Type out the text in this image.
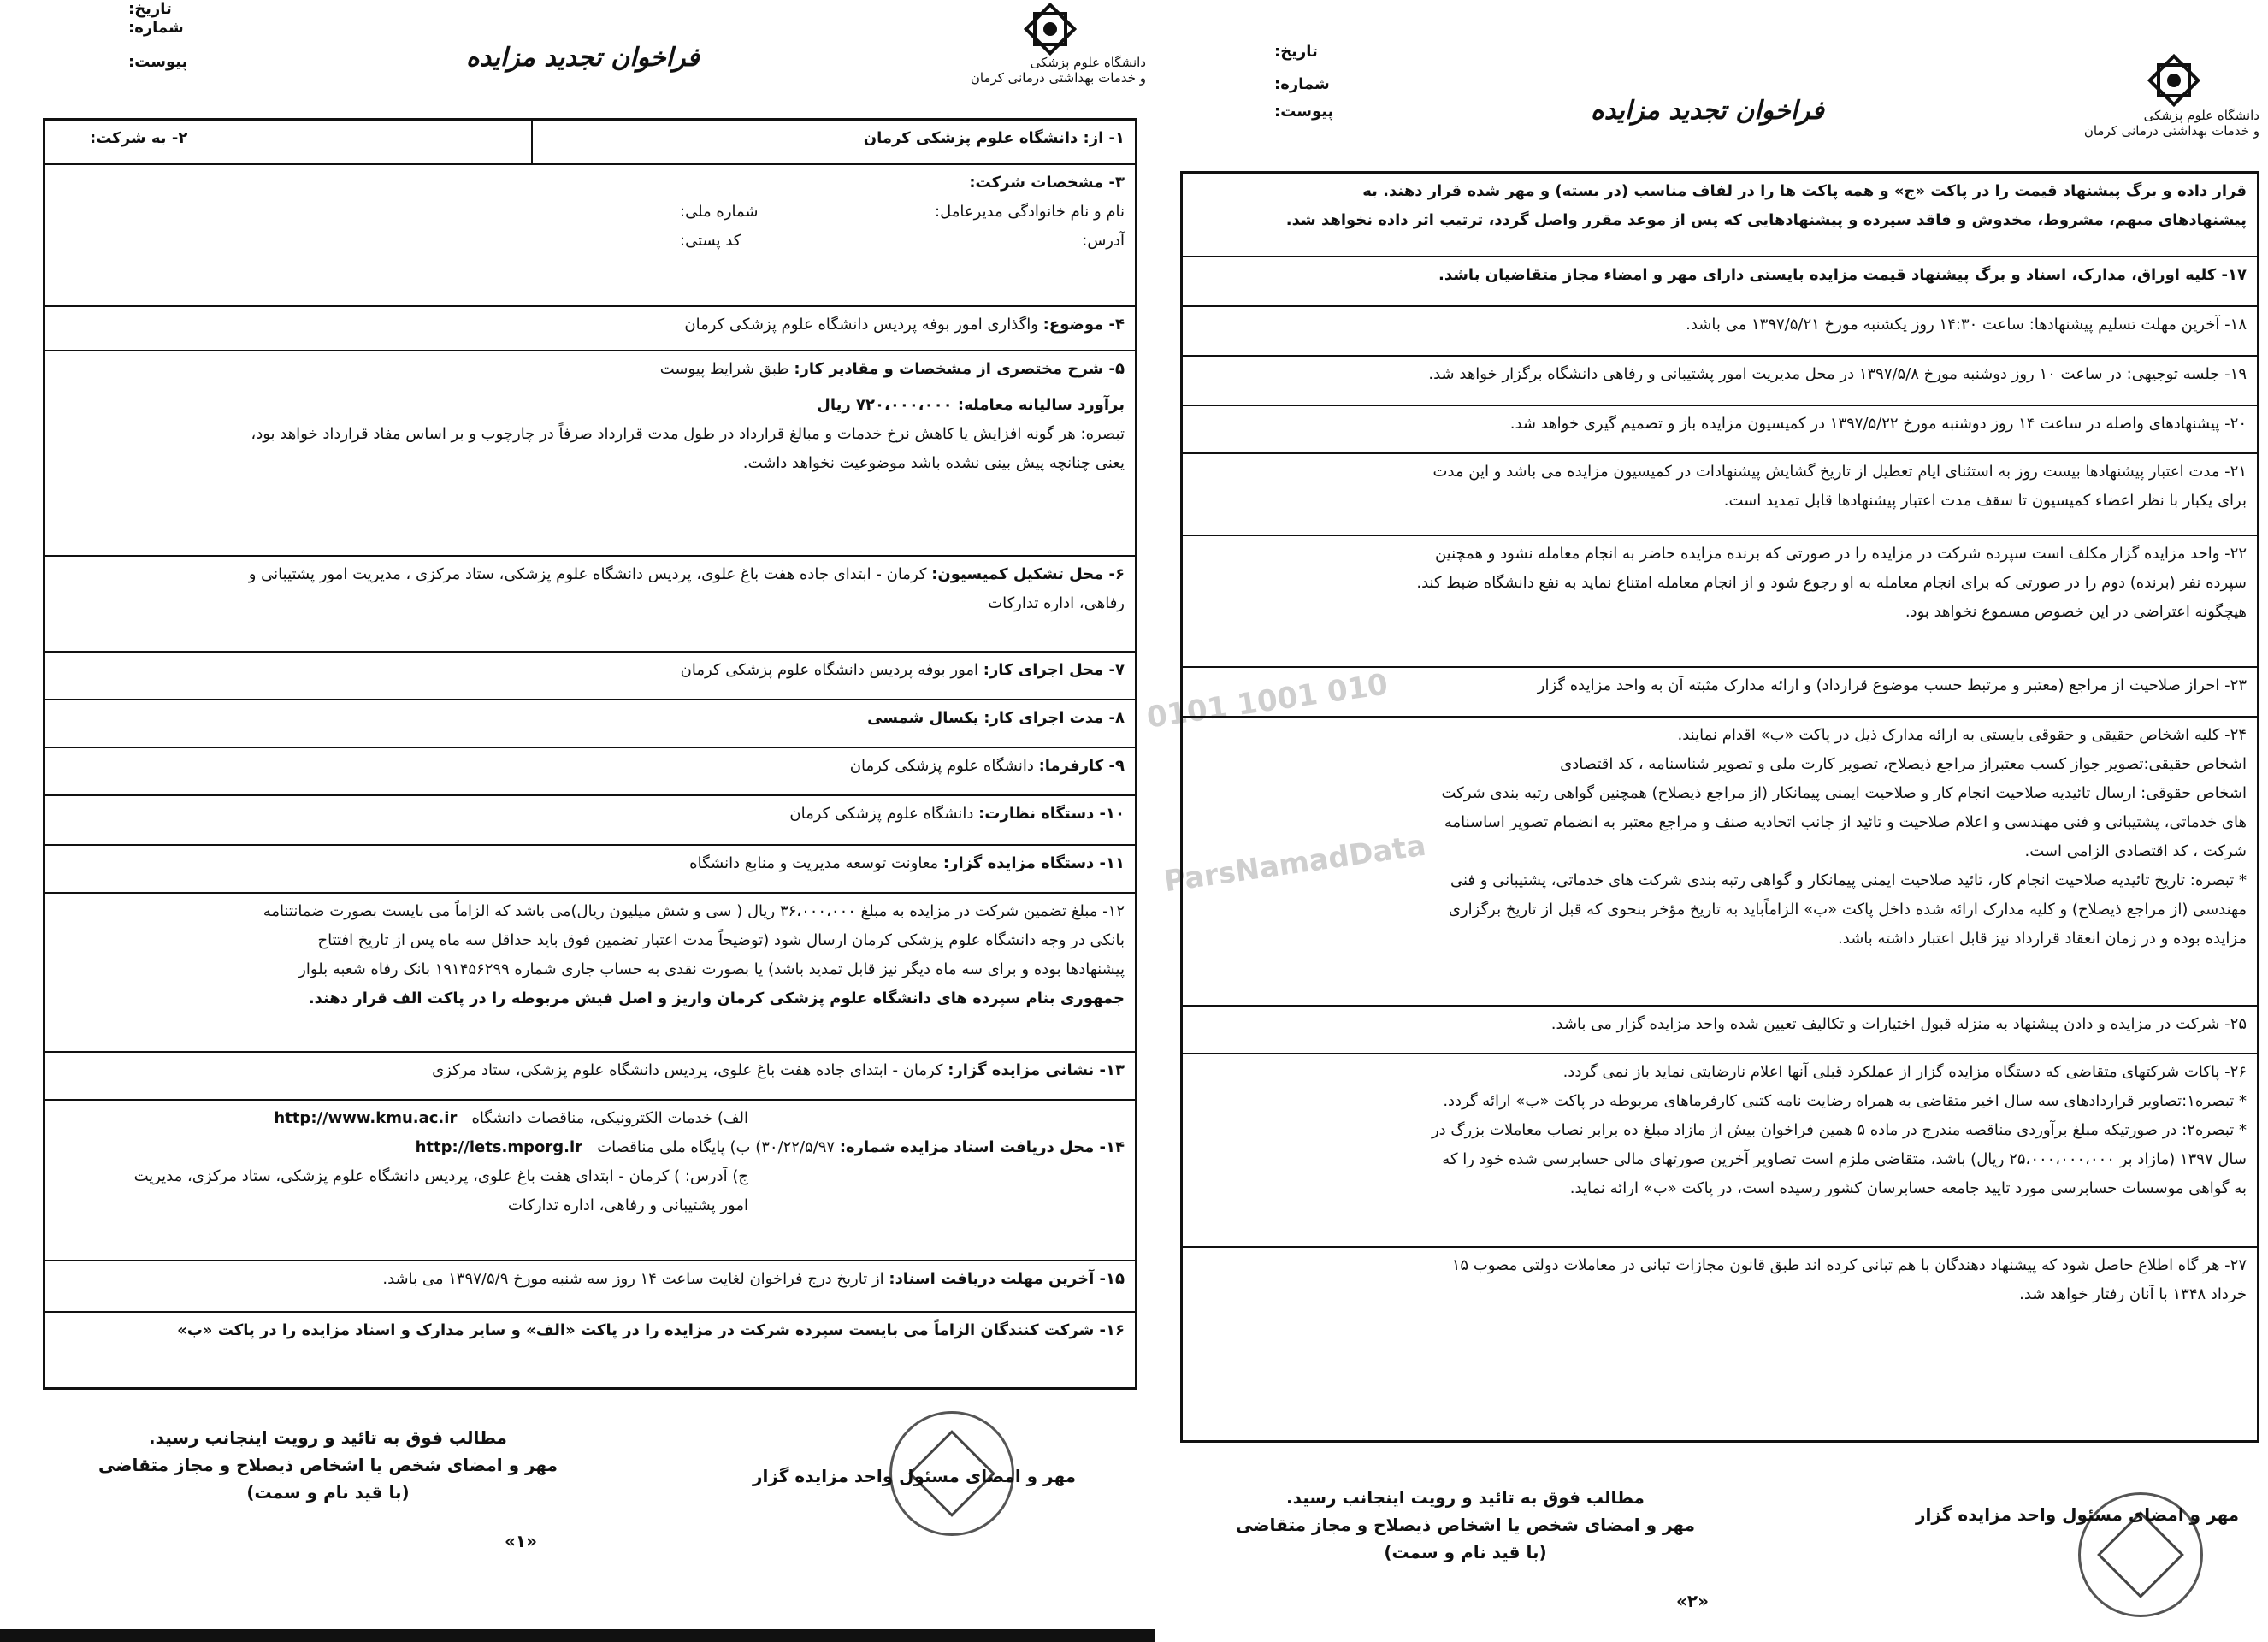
دانشگاه علوم پزشکی
و خدمات بهداشتی درمانی کرمان
فراخوان تجدید مزایده
تاریخ:
شماره:
پیوست:
۱- از: دانشگاه علوم پزشکی کرمان
۲- به شرکت:
۳- مشخصات شرکت:
نام و نام خانوادگی مدیرعامل:
شماره ملی:
آدرس:
کد پستی:
۴- موضوع: واگذاری امور بوفه پردیس دانشگاه علوم پزشکی کرمان
۵- شرح مختصری از مشخصات و مقادیر کار: طبق شرایط پیوست
برآورد سالیانه معامله: ۷۲۰،۰۰۰،۰۰۰ ریال
تبصره: هر گونه افزایش یا کاهش نرخ خدمات و مبالغ قرارداد در طول مدت قرارداد صرفاً در چارچوب و بر اساس مفاد قرارداد خواهد بود،
یعنی چنانچه پیش بینی نشده باشد موضوعیت نخواهد داشت.
۶- محل تشکیل کمیسیون: کرمان - ابتدای جاده هفت باغ علوی، پردیس دانشگاه علوم پزشکی، ستاد مرکزی ، مدیریت امور پشتیبانی و
رفاهی، اداره تدارکات
۷- محل اجرای کار: امور بوفه پردیس دانشگاه علوم پزشکی کرمان
۸- مدت اجرای کار: یکسال شمسی
۹- کارفرما: دانشگاه علوم پزشکی کرمان
۱۰- دستگاه نظارت: دانشگاه علوم پزشکی کرمان
۱۱- دستگاه مزایده گزار: معاونت توسعه مدیریت و منابع دانشگاه
۱۲- مبلغ تضمین شرکت در مزایده به مبلغ ۳۶،۰۰۰،۰۰۰ ریال ( سی و شش میلیون ریال)می باشد که الزاماً می بایست بصورت ضمانتنامه
بانکی در وجه دانشگاه علوم پزشکی کرمان ارسال شود (توضیحاً مدت اعتبار تضمین فوق باید حداقل سه ماه پس از تاریخ افتتاح
پیشنهادها بوده و برای سه ماه دیگر نیز قابل تمدید باشد) یا بصورت نقدی به حساب جاری شماره ۱۹۱۴۵۶۲۹۹ بانک رفاه شعبه بلوار
جمهوری بنام سپرده های دانشگاه علوم پزشکی کرمان واریز و اصل فیش مربوطه را در پاکت الف قرار دهند.
۱۳- نشانی مزایده گزار: کرمان - ابتدای جاده هفت باغ علوی، پردیس دانشگاه علوم پزشکی، ستاد مرکزی
الف) خدمات الکترونیکی، مناقصات دانشگاه   http://www.kmu.ac.ir
۱۴- محل دریافت اسناد مزایده شماره: ۳۰/۲۲/۵/۹۷) ب) پایگاه ملی مناقصات   http://iets.mporg.ir
ج) آدرس: ) کرمان - ابتدای هفت باغ علوی، پردیس دانشگاه علوم پزشکی، ستاد مرکزی، مدیریت
امور پشتیبانی و رفاهی، اداره تدارکات
۱۵- آخرین مهلت دریافت اسناد: از تاریخ درج فراخوان لغایت ساعت ۱۴ روز سه شنبه مورخ ۱۳۹۷/۵/۹ می باشد.
۱۶- شرکت کنندگان الزاماً می بایست سپرده شرکت در مزایده را در پاکت «الف» و سایر مدارک و اسناد مزایده را در پاکت «ب»
مطالب فوق به تائید و رویت اینجانب رسید.
مهر و امضای شخص یا اشخاص ذیصلاح و مجاز متقاضی
(با قید نام و سمت)
مهر و امضای مسئول واحد مزایده گزار
«۱»
0101 1001 010
ParsNamadData
دانشگاه علوم پزشکی
و خدمات بهداشتی درمانی کرمان
فراخوان تجدید مزایده
تاریخ:
شماره:
پیوست:
قرار داده و برگ پیشنهاد قیمت را در پاکت «ج» و همه پاکت ها را در لفاف مناسب (در بسته) و مهر شده قرار دهند. به
پیشنهادهای مبهم، مشروط، مخدوش و فاقد سپرده و پیشنهادهایی که پس از موعد مقرر واصل گردد، ترتیب اثر داده نخواهد شد.
۱۷- کلیه اوراق، مدارک، اسناد و برگ پیشنهاد قیمت مزایده بایستی دارای مهر و امضاء مجاز متقاضیان باشد.
۱۸- آخرین مهلت تسلیم پیشنهادها: ساعت ۱۴:۳۰ روز یکشنبه مورخ ۱۳۹۷/۵/۲۱ می باشد.
۱۹- جلسه توجیهی: در ساعت ۱۰ روز دوشنبه مورخ ۱۳۹۷/۵/۸ در محل مدیریت امور پشتیبانی و رفاهی دانشگاه برگزار خواهد شد.
۲۰- پیشنهادهای واصله در ساعت ۱۴ روز دوشنبه مورخ ۱۳۹۷/۵/۲۲ در کمیسیون مزایده باز و تصمیم گیری خواهد شد.
۲۱- مدت اعتبار پیشنهادها بیست روز به استثنای ایام تعطیل از تاریخ گشایش پیشنهادات در کمیسیون مزایده می باشد و این مدت
برای یکبار با نظر اعضاء کمیسیون تا سقف مدت اعتبار پیشنهادها قابل تمدید است.
۲۲- واحد مزایده گزار مکلف است سپرده شرکت در مزایده را در صورتی که برنده مزایده حاضر به انجام معامله نشود و همچنین
سپرده نفر (برنده) دوم را در صورتی که برای انجام معامله به او رجوع شود و از انجام معامله امتناع نماید به نفع دانشگاه ضبط کند.
هیچگونه اعتراضی در این خصوص مسموع نخواهد بود.
۲۳- احراز صلاحیت از مراجع (معتبر و مرتبط حسب موضوع قرارداد) و ارائه مدارک مثبته آن به واحد مزایده گزار
۲۴- کلیه اشخاص حقیقی و حقوقی بایستی به ارائه مدارک ذیل در پاکت «ب» اقدام نمایند.
اشخاص حقیقی:تصویر جواز کسب معتبراز مراجع ذیصلاح، تصویر کارت ملی و تصویر شناسنامه ، کد اقتصادی
اشخاص حقوقی: ارسال تائیدیه صلاحیت انجام کار و صلاحیت ایمنی پیمانکار (از مراجع ذیصلاح) همچنین گواهی رتبه بندی شرکت
های خدماتی، پشتیبانی و فنی مهندسی و اعلام صلاحیت و تائید از جانب اتحادیه صنف و مراجع معتبر به انضمام تصویر اساسنامه
شرکت ، کد اقتصادی الزامی است.
* تبصره: تاریخ تائیدیه صلاحیت انجام کار، تائید صلاحیت ایمنی پیمانکار و گواهی رتبه بندی شرکت های خدماتی، پشتیبانی و فنی
مهندسی (از مراجع ذیصلاح) و کلیه مدارک ارائه شده داخل پاکت «ب» الزاماًباید به تاریخ مؤخر بنحوی که قبل از تاریخ برگزاری
مزایده بوده و در زمان انعقاد قرارداد نیز قابل اعتبار داشته باشد.
۲۵- شرکت در مزایده و دادن پیشنهاد به منزله قبول اختیارات و تکالیف تعیین شده واحد مزایده گزار می باشد.
۲۶- پاکات شرکتهای متقاضی که دستگاه مزایده گزار از عملکرد قبلی آنها اعلام نارضایتی نماید باز نمی گردد.
* تبصره۱:تصاویر قراردادهای سه سال اخیر متقاضی به همراه رضایت نامه کتبی کارفرماهای مربوطه در پاکت «ب» ارائه گردد.
* تبصره۲: در صورتیکه مبلغ برآوردی مناقصه مندرج در ماده ۵ همین فراخوان بیش از مازاد مبلغ ده برابر نصاب معاملات بزرگ در
سال ۱۳۹۷ (مازاد بر ۲۵،۰۰۰،۰۰۰،۰۰۰ ریال) باشد، متقاضی ملزم است تصاویر آخرین صورتهای مالی حسابرسی شده خود را که
به گواهی موسسات حسابرسی مورد تایید جامعه حسابرسان کشور رسیده است، در پاکت «ب» ارائه نماید.
۲۷- هر گاه اطلاع حاصل شود که پیشنهاد دهندگان با هم تبانی کرده اند طبق قانون مجازات تبانی در معاملات دولتی مصوب ۱۵
خرداد ۱۳۴۸ با آنان رفتار خواهد شد.
مطالب فوق به تائید و رویت اینجانب رسید.
مهر و امضای شخص یا اشخاص ذیصلاح و مجاز متقاضی
(با قید نام و سمت)
مهر و امضای مسئول واحد مزایده گزار
«۲»
